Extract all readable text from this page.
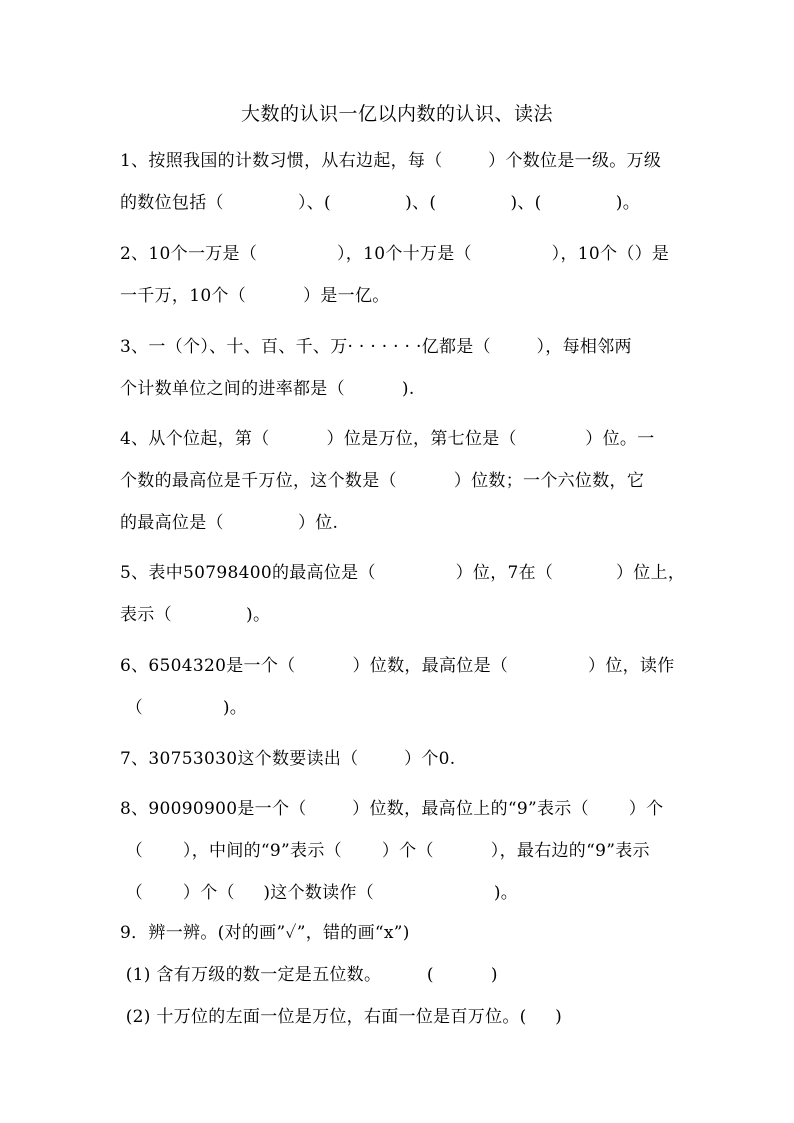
大数的认识一亿以内数的认识、读法
1、按照我国的计数习惯，从右边起，每（        ）个数位是一级。万级
的数位包括（             ）、(             )、(             )、(             )。
2、10个一万是（              ），10个十万是（              ），10个（）是
一千万，10个（          ）是一亿。
3、一（个）、十、百、千、万· · · · · · ·亿都是（        ），每相邻两
个计数单位之间的进率都是（          ).
4、从个位起，第（          ）位是万位，第七位是（            ）位。一
个数的最高位是千万位，这个数是（          ）位数；一个六位数，它
的最高位是（             ）位.
5、表中50798400的最高位是（              ）位，7在（           ）位上，
表示（             )。
6、6504320是一个（          ）位数，最高位是（              ）位，读作
（              )。
7、30753030这个数要读出（        ）个0.
8、90090900是一个（        ）位数，最高位上的“9”表示（       ）个
（       ），中间的“9”表示（       ）个（          ），最右边的“9”表示
（       ）个（     )这个数读作（                     )。
9．辨一辨。(对的画”✓”，错的画“x”)
(1) 含有万级的数一定是五位数。        (          )
(2) 十万位的左面一位是万位，右面一位是百万位。(     )
